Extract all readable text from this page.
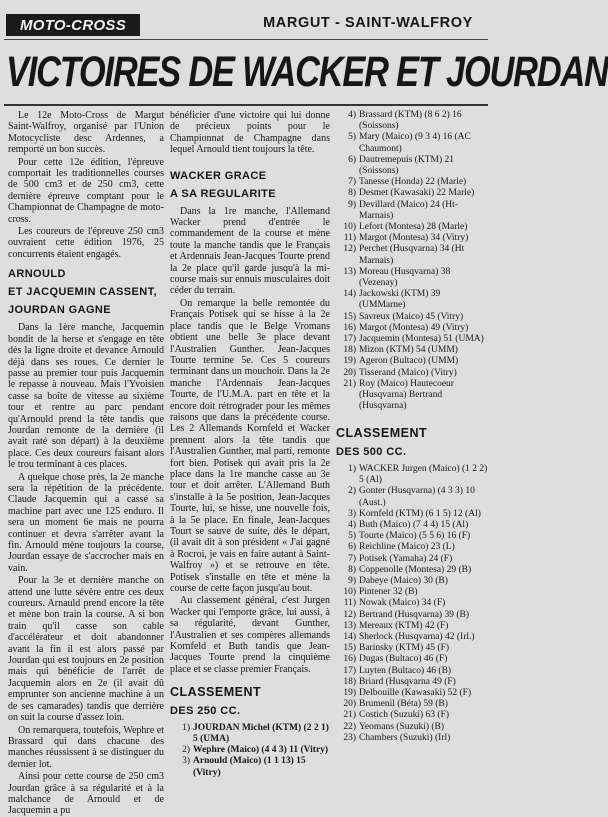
MOTO-CROSS	MARGUT - SAINT-WALFROY
VICTOIRES DE WACKER ET JOURDAN

Le 12e Moto-Cross de Margut Saint-Walfroy, organisé par l'Union Motocycliste desc Ardennes, a remporté un bon succès.

Pour cette 12e édition, l'épreuve comportait les traditionnelles courses de 500 cm3 et de 250 cm3, cette dernière épreuve comptant pour le Championnat de Champagne de moto-cross.

Les coureurs de l'épreuve 250 cm3 ouvraient cette édition 1976, 25 concurrents étaient engagés.

ARNOULD
ET JACQUEMIN CASSENT,
JOURDAN GAGNE

Dans la 1ère manche, Jacquemin bondit de la herse et s'engage en tête dès la ligne droite et devance Arnould déjà dans ses roues. Ce dernier le passe au premier tour puis Jacquemin le repasse à nouveau. Mais l'Yvoisien casse sa boîte de vitesse au sixième tour et rentre au parc pendant qu'Arnould prend la tête tandis que Jourdan remonte de la dernière (il avait raté son départ) à la deuxième place. Ces deux coureurs faisant alors le trou terminant à ces places.

A quelque chose près, la 2e manche sera la répétition de la précédente. Claude Jacquemin qui a cassé sa machine part avec une 125 enduro. Il sera un moment 6e mais ne pourra continuer et devra s'arrêter avant la fin. Arnould mène toujours la course, Jourdan essaye de s'accrocher mais en vain.

Pour la 3e et dernière manche on attend une lutte sévère entre ces deux coureurs. Arnauld prend encore la tête et mène bon train la course. A si bon train qu'il casse son cable d'accélérateur et doit abandonner avant la fin il est alors passé par Jourdan qui est toujours en 2e position mais qui bénéficie de l'arrêt de Jacquemin alors en 2e (il avait dû emprunter son ancienne machine à un de ses camarades) tandis que derrière on suit la course d'assez loin.

On remarquera, toutefois, Wephre et Brassard qui dans chacune des manches réussissent à se distinguer du dernier lot.

Ainsi pour cette course de 250 cm3 Jourdan grâce à sa régularité et à la malchance de Arnould et de Jacquemin a pu

bénéficier d'une victoire qui lui donne de précieux points pour le Championnat de Champagne dans lequel Arnould tient toujours la tête.

WACKER GRACE
A SA REGULARITE

Dans la 1re manche, l'Allemand Wacker prend d'entrée le commandement de la course et mène toute la manche tandis que le Français et Ardennais Jean-Jacques Tourte prend la 2e place qu'il garde jusqu'à la mi-course mais sur ennuis musculaires doit céder du terrain.

On remarque la belle remontée du Français Potisek qui se hisse à la 2e place tandis que le Belge Vromans obtient une belle 3e place devant l'Australien Gunther. Jean-Jacques Tourte termine 5e. Ces 5 coureurs terminant dans un mouchoir. Dans la 2e manche l'Ardennais Jean-Jacques Tourte, de l'U.M.A. part en tête et la encore doit rétrograder pour les mêmes raisons que dans la précédente course. Les 2 Allemands Kornfeld et Wacker prennent alors la tête tandis que l'Australien Gunther, mal parti, remonte fort bien. Potisek qui avait pris la 2e place dans la 1re manche casse au 3e tour et doit arrêter. L'Allemand Buth s'installe à la 5e position, Jean-Jacques Tourte, lui, se hisse, une nouvelle fois, à la 5e place. En finale, Jean-Jacques Tourt se sauve de suite, dès le départ, (il avait dit à son président « J'ai gagné à Rocroi, je vais en faire autant à Saint-Walfroy ») et se retrouve en tête. Potisek s'installe en tête et mène la course de cette façon jusqu'au bout.

Au classement général, c'est Jurgen Wacker qui l'emporte grâce, lui aussi, à sa régularité, devant Gunther, l'Australien et ses compères allemands Kornfeld et Buth tandis que Jean-Jacques Tourte prend la cinquième place et se classe premier Français.

CLASSEMENT
DES 250 CC.
1) JOURDAN Michel (KTM) (2 2 1) 5 (UMA)
2) Wephre (Maico) (4 4 3) 11 (Vitry)
3) Arnould (Maico) (1 1 13) 15 (Vitry)
4) Brassard (KTM) (8 6 2) 16 (Soissons)
5) Mary (Maico) (9 3 4) 16 (AC Chaumont)
6) Dautremepuis (KTM) 21 (Soissons)
7) Tanesse (Honda) 22 (Marle)
8) Desmet (Kawasaki) 22 Marle)
9) Devillard (Maico) 24 (Ht-Marnais)
10) Lefort (Montesa) 28 (Marle)
11) Margot (Montesa) 34 (Vitry)
12) Perchet (Husqvarna) 34 (Ht Marnais)
13) Moreau (Husqvarna) 38 (Vezenay)
14) Jackowski (KTM) 39 (UMMarne)
15) Savreux (Maico) 45 (Vitry)
16) Margot (Montesa) 49 (Vitry)
17) Jacquemin (Montesa) 51 (UMA)
18) Mizon (KTM) 54 (UMM)
19) Ageron (Bultaco) (UMM)
20) Tisserand (Maico) (Vitry)
21) Roy (Maico) Hautecoeur (Husqvarna) Bertrand (Husqvarna)
CLASSEMENT
DES 500 CC.
1) WACKER Jurgen (Maico) (1 2 2) 5 (Al)
2) Gonter (Husqvarna) (4 3 3) 10 (Aust.)
3) Kornfeld (KTM) (6 1 5) 12 (Al)
4) Buth (Maico) (7 4 4) 15 (Al)
5) Tourte (Maico) (5 5 6) 16 (F)
6) Reichline (Maico) 23 (L)
7) Potisek (Yamaha) 24 (F)
8) Coppenolle (Montesa) 29 (B)
9) Dabeye (Maico) 30 (B)
10) Pintener 32 (B)
11) Nowak (Maico) 34 (F)
12) Bertrand (Husqvarna) 39 (B)
13) Mereaux (KTM) 42 (F)
14) Sherlock (Husqvarna) 42 (Irl.)
15) Barinsky (KTM) 45 (F)
16) Dugas (Bultaco) 46 (F)
17) Luyten (Bultaco) 46 (B)
18) Briard (Husqvarna 49 (F)
19) Delbouille (Kawasaki) 52 (F)
20) Brumenil (Béta) 59 (B)
21) Costich (Suzuki) 63 (F)
22) Yeomans (Suzuki) (B)
23) Chambers (Suzuki) (Irl)
